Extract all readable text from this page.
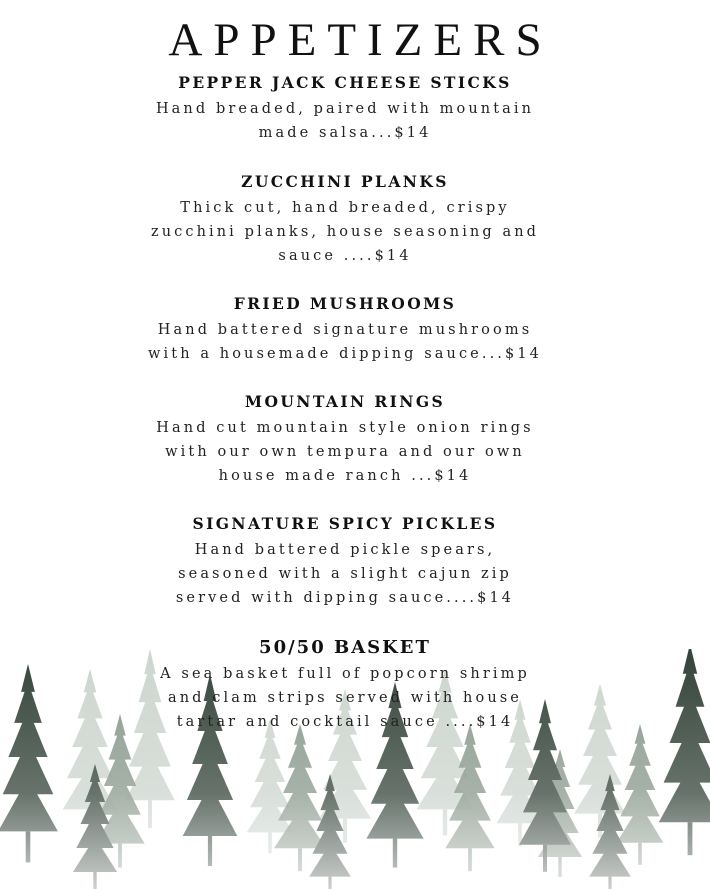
APPETIZERS
PEPPER JACK CHEESE STICKS
Hand breaded, paired with mountain made salsa...$14
ZUCCHINI PLANKS
Thick cut, hand breaded, crispy zucchini planks, house seasoning and sauce ....$14
FRIED MUSHROOMS
Hand battered signature mushrooms with a housemade dipping sauce...$14
MOUNTAIN RINGS
Hand cut mountain style onion rings with our own tempura and our own house made ranch ...$14
SIGNATURE SPICY PICKLES
Hand battered pickle spears, seasoned with a slight cajun zip served with dipping sauce....$14
50/50 BASKET
A sea basket full of popcorn shrimp and clam strips served with house tartar and cocktail sauce ....$14
